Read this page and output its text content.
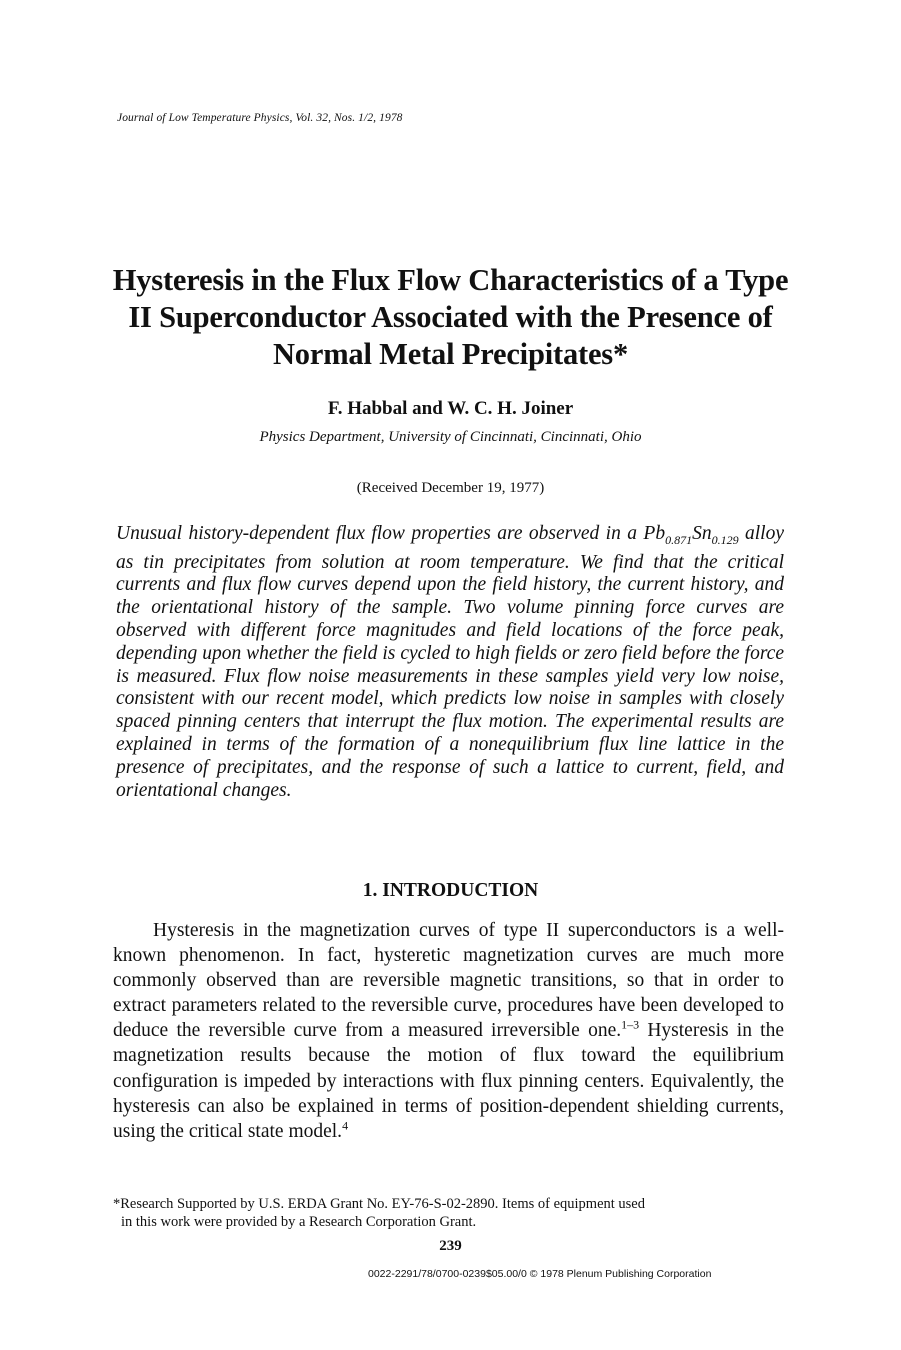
Journal of Low Temperature Physics, Vol. 32, Nos. 1/2, 1978
Hysteresis in the Flux Flow Characteristics of a Type II Superconductor Associated with the Presence of Normal Metal Precipitates*
F. Habbal and W. C. H. Joiner
Physics Department, University of Cincinnati, Cincinnati, Ohio
(Received December 19, 1977)
Unusual history-dependent flux flow properties are observed in a $Pb_{0.871}Sn_{0.129}$ alloy as tin precipitates from solution at room temperature. We find that the critical currents and flux flow curves depend upon the field history, the current history, and the orientational history of the sample. Two volume pinning force curves are observed with different force magnitudes and field locations of the force peak, depending upon whether the field is cycled to high fields or zero field before the force is measured. Flux flow noise measurements in these samples yield very low noise, consistent with our recent model, which predicts low noise in samples with closely spaced pinning centers that interrupt the flux motion. The experimental results are explained in terms of the formation of a nonequilibrium flux line lattice in the presence of precipitates, and the response of such a lattice to current, field, and orientational changes.
1. INTRODUCTION
Hysteresis in the magnetization curves of type II superconductors is a well-known phenomenon. In fact, hysteretic magnetization curves are much more commonly observed than are reversible magnetic transitions, so that in order to extract parameters related to the reversible curve, procedures have been developed to deduce the reversible curve from a measured irreversible one.$^{1-3}$ Hysteresis in the magnetization results because the motion of flux toward the equilibrium configuration is impeded by interactions with flux pinning centers. Equivalently, the hysteresis can also be explained in terms of position-dependent shielding currents, using the critical state model.$^4$
*Research Supported by U.S. ERDA Grant No. EY-76-S-02-2890. Items of equipment used
in this work were provided by a Research Corporation Grant.
239
0022-2291/78/0700-0239$05.00/0 © 1978 Plenum Publishing Corporation
